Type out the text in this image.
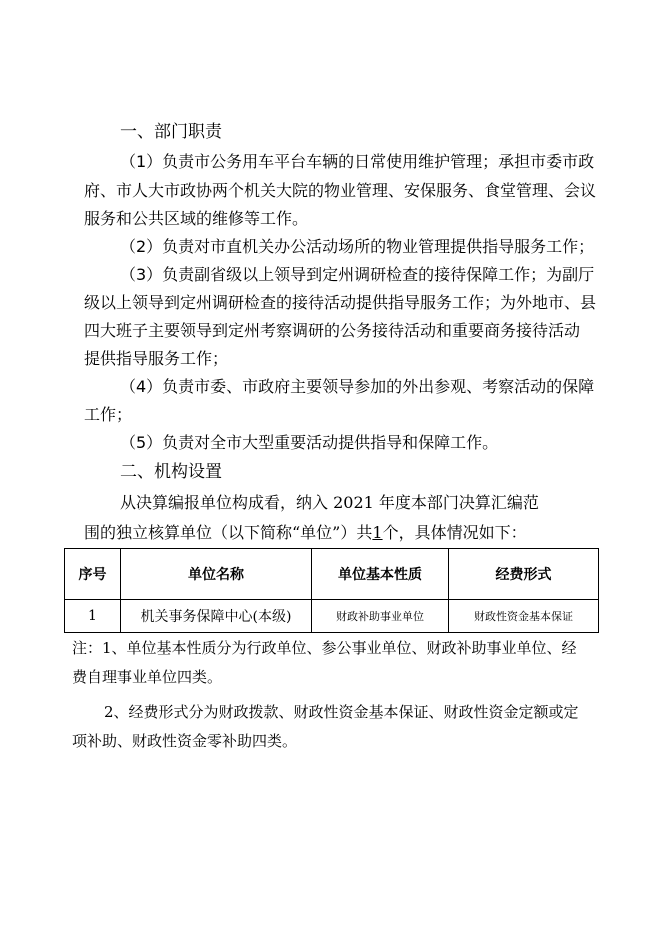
一、部门职责
（1）负责市公务用车平台车辆的日常使用维护管理；承担市委市政
府、市人大市政协两个机关大院的物业管理、安保服务、食堂管理、会议
服务和公共区域的维修等工作。
（2）负责对市直机关办公活动场所的物业管理提供指导服务工作；
（3）负责副省级以上领导到定州调研检查的接待保障工作；为副厅
级以上领导到定州调研检查的接待活动提供指导服务工作；为外地市、县
四大班子主要领导到定州考察调研的公务接待活动和重要商务接待活动
提供指导服务工作；
（4）负责市委、市政府主要领导参加的外出参观、考察活动的保障
工作；
（5）负责对全市大型重要活动提供指导和保障工作。
二、机构设置
从决算编报单位构成看，纳入 2021 年度本部门决算汇编范
围的独立核算单位（以下简称“单位”）共1个，具体情况如下：
序号	单位名称	单位基本性质	经费形式
1	机关事务保障中心(本级)	财政补助事业单位	财政性资金基本保证
注：1、单位基本性质分为行政单位、参公事业单位、财政补助事业单位、经
费自理事业单位四类。
2、经费形式分为财政拨款、财政性资金基本保证、财政性资金定额或定
项补助、财政性资金零补助四类。
